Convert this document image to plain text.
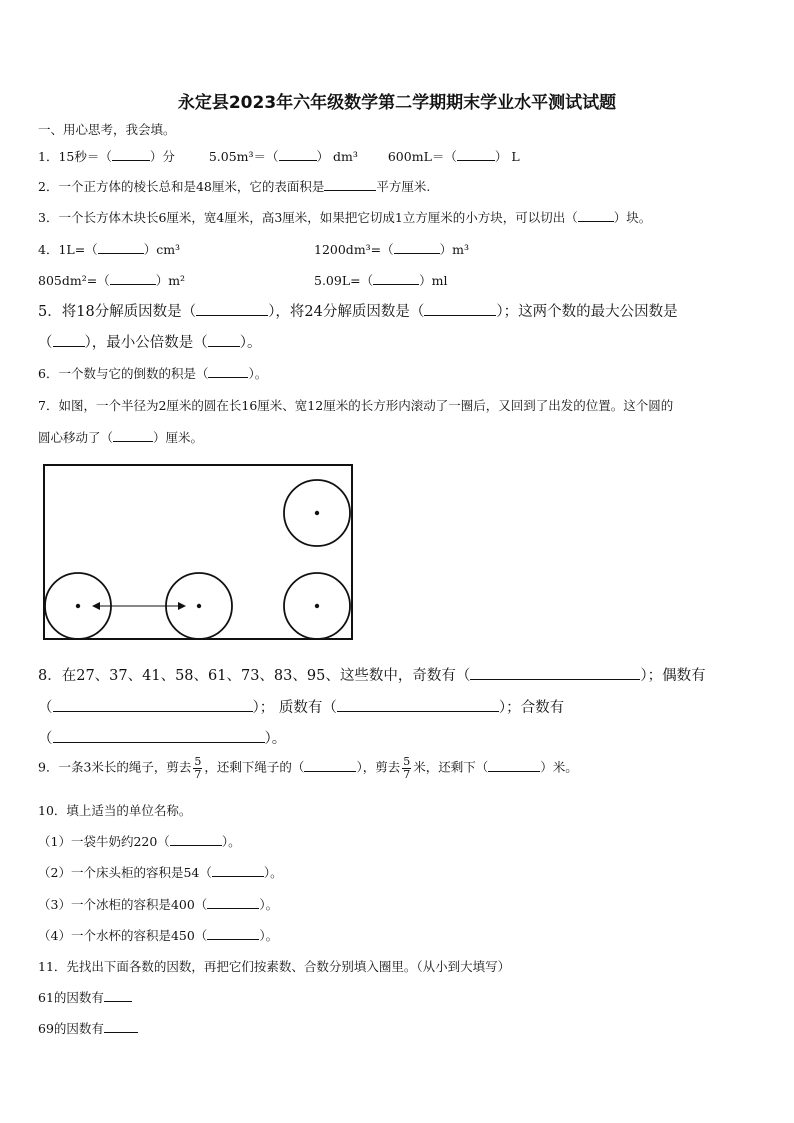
永定县2023年六年级数学第二学期期末学业水平测试试题
一、用心思考，我会填。
1．15秒＝（	）分	5.05m³＝（	） dm³ 600mL＝（	） L
2．一个正方体的棱长总和是48厘米，它的表面积是	平方厘米.
3．一个长方体木块长6厘米，宽4厘米，高3厘米，如果把它切成1立方厘米的小方块，可以切出（	）块。
4．1L=（	）cm³	1200dm³=（	）m³
805dm²=（	）m²	5.09L=（	）ml
5．将18分解质因数是（	），将24分解质因数是（	）；这两个数的最大公因数是
（ ），最小公倍数是（ ）。
6．一个数与它的倒数的积是（	）。
7．如图，一个半径为2厘米的圆在长16厘米、宽12厘米的长方形内滚动了一圈后，又回到了出发的位置。这个圆的
圆心移动了（	）厘米。
8．在27、37、41、58、61、73、83、95、这些数中，奇数有（	）；偶数有
（	）； 质数有（	）；合数有
（	）。
9．一条3米长的绳子，剪去 $\frac{5}{7}$ ，还剩下绳子的（	），剪去 $\frac{5}{7}$ 米，还剩下（	）米。
10．填上适当的单位名称。
（1）一袋牛奶约220（	）。
（2）一个床头柜的容积是54（	）。
（3）一个冰柜的容积是400（	）。
（4）一个水杯的容积是450（	）。
11．先找出下面各数的因数，再把它们按素数、合数分别填入圈里。（从小到大填写）
61的因数有
69的因数有
